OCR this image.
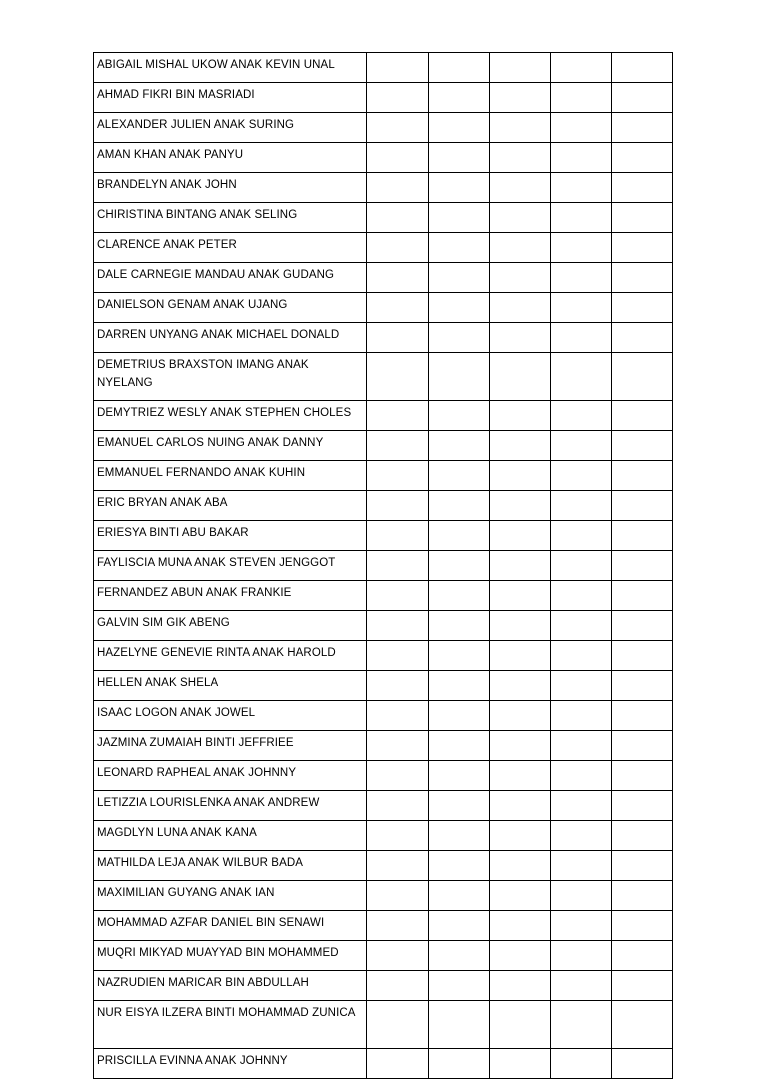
ABIGAIL MISHAL UKOW ANAK KEVIN UNAL					
AHMAD FIKRI BIN MASRIADI					
ALEXANDER JULIEN ANAK SURING					
AMAN KHAN ANAK PANYU					
BRANDELYN ANAK JOHN					
CHIRISTINA BINTANG ANAK SELING					
CLARENCE ANAK PETER					
DALE CARNEGIE MANDAU ANAK GUDANG					
DANIELSON GENAM ANAK UJANG					
DARREN UNYANG ANAK MICHAEL DONALD					
DEMETRIUS BRAXSTON IMANG ANAK NYELANG					
DEMYTRIEZ WESLY ANAK STEPHEN CHOLES					
EMANUEL CARLOS NUING ANAK DANNY					
EMMANUEL FERNANDO ANAK KUHIN					
ERIC BRYAN ANAK ABA					
ERIESYA BINTI ABU BAKAR					
FAYLISCIA MUNA ANAK STEVEN JENGGOT					
FERNANDEZ ABUN ANAK FRANKIE					
GALVIN SIM GIK ABENG					
HAZELYNE GENEVIE RINTA ANAK HAROLD					
HELLEN ANAK SHELA					
ISAAC LOGON ANAK JOWEL					
JAZMINA ZUMAIAH BINTI JEFFRIEE					
LEONARD RAPHEAL ANAK JOHNNY					
LETIZZIA LOURISLENKA ANAK ANDREW					
MAGDLYN LUNA ANAK KANA					
MATHILDA LEJA ANAK WILBUR BADA					
MAXIMILIAN GUYANG ANAK IAN					
MOHAMMAD AZFAR DANIEL BIN SENAWI					
MUQRI MIKYAD MUAYYAD BIN MOHAMMED					
NAZRUDIEN MARICAR BIN ABDULLAH					
NUR EISYA ILZERA BINTI MOHAMMAD ZUNICA					
PRISCILLA EVINNA ANAK JOHNNY					
